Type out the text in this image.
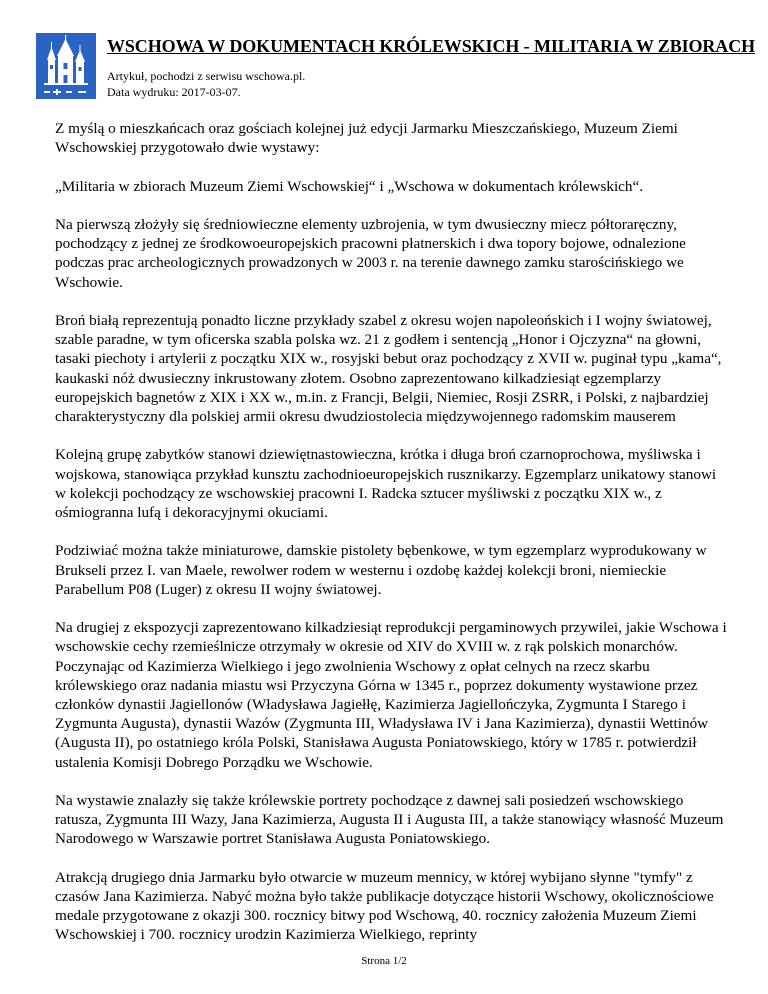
WSCHOWA W DOKUMENTACH KRÓLEWSKICH - MILITARIA W ZBIORACH
Artykuł, pochodzi z serwisu wschowa.pl.
Data wydruku: 2017-03-07.

Z myślą o mieszkańcach oraz gościach kolejnej już edycji Jarmarku Mieszczańskiego, Muzeum Ziemi Wschowskiej przygotowało dwie wystawy:

„Militaria w zbiorach Muzeum Ziemi Wschowskiej“ i „Wschowa w dokumentach królewskich“.

Na pierwszą złożyły się średniowieczne elementy uzbrojenia, w tym dwusieczny miecz półtoraręczny, pochodzący z jednej ze środkowoeuropejskich pracowni płatnerskich i dwa topory bojowe, odnalezione podczas prac archeologicznych prowadzonych w 2003 r. na terenie dawnego zamku starościńskiego we Wschowie.

Broń białą reprezentują ponadto liczne przykłady szabel z okresu wojen napoleońskich i I wojny światowej, szable paradne, w tym oficerska szabla polska wz. 21 z godłem i sentencją „Honor i Ojczyzna“ na głowni, tasaki piechoty i artylerii z początku XIX w., rosyjski bebut oraz pochodzący z XVII w. puginał typu „kama“, kaukaski nóż dwusieczny inkrustowany złotem. Osobno zaprezentowano kilkadziesiąt egzemplarzy europejskich bagnetów z XIX i XX w., m.in. z Francji, Belgii, Niemiec, Rosji ZSRR, i Polski, z najbardziej charakterystyczny dla polskiej armii okresu dwudziostolecia międzywojennego radomskim mauserem

Kolejną grupę zabytków stanowi dziewiętnastowieczna, krótka i długa broń czarnoprochowa, myśliwska i wojskowa, stanowiąca przykład kunsztu zachodnioeuropejskich rusznikarzy. Egzemplarz unikatowy stanowi w kolekcji pochodzący ze wschowskiej pracowni I. Radcka sztucer myśliwski z początku XIX w., z ośmiogranna lufą i dekoracyjnymi okuciami.

Podziwiać można także miniaturowe, damskie pistolety bębenkowe, w tym egzemplarz wyprodukowany w Brukseli przez I. van Maele, rewolwer rodem w westernu i ozdobę każdej kolekcji broni, niemieckie Parabellum P08 (Luger) z okresu II wojny światowej.

Na drugiej z ekspozycji zaprezentowano kilkadziesiąt reprodukcji pergaminowych przywilei, jakie Wschowa i wschowskie cechy rzemieślnicze otrzymały w okresie od XIV do XVIII w. z rąk polskich monarchów. Poczynając od Kazimierza Wielkiego i jego zwolnienia Wschowy z opłat celnych na rzecz skarbu królewskiego oraz nadania miastu wsi Przyczyna Górna w 1345 r., poprzez dokumenty wystawione przez członków dynastii Jagiellonów (Władysława Jagiełłę, Kazimierza Jagiellończyka, Zygmunta I Starego i Zygmunta Augusta), dynastii Wazów (Zygmunta III, Władysława IV i Jana Kazimierza), dynastii Wettinów (Augusta II), po ostatniego króla Polski, Stanisława Augusta Poniatowskiego, który w 1785 r. potwierdził ustalenia Komisji Dobrego Porządku we Wschowie.

Na wystawie znalazły się także królewskie portrety pochodzące z dawnej sali posiedzeń wschowskiego ratusza, Zygmunta III Wazy, Jana Kazimierza, Augusta II i Augusta III, a także stanowiący własność Muzeum Narodowego w Warszawie portret Stanisława Augusta Poniatowskiego.

Atrakcją drugiego dnia Jarmarku było otwarcie w muzeum mennicy, w której wybijano słynne "tymfy" z czasów Jana Kazimierza. Nabyć można było także publikacje dotyczące historii Wschowy, okolicznościowe medale przygotowane z okazji 300. rocznicy bitwy pod Wschową, 40. rocznicy założenia Muzeum Ziemi Wschowskiej i 700. rocznicy urodzin Kazimierza Wielkiego, reprinty

Strona 1/2
